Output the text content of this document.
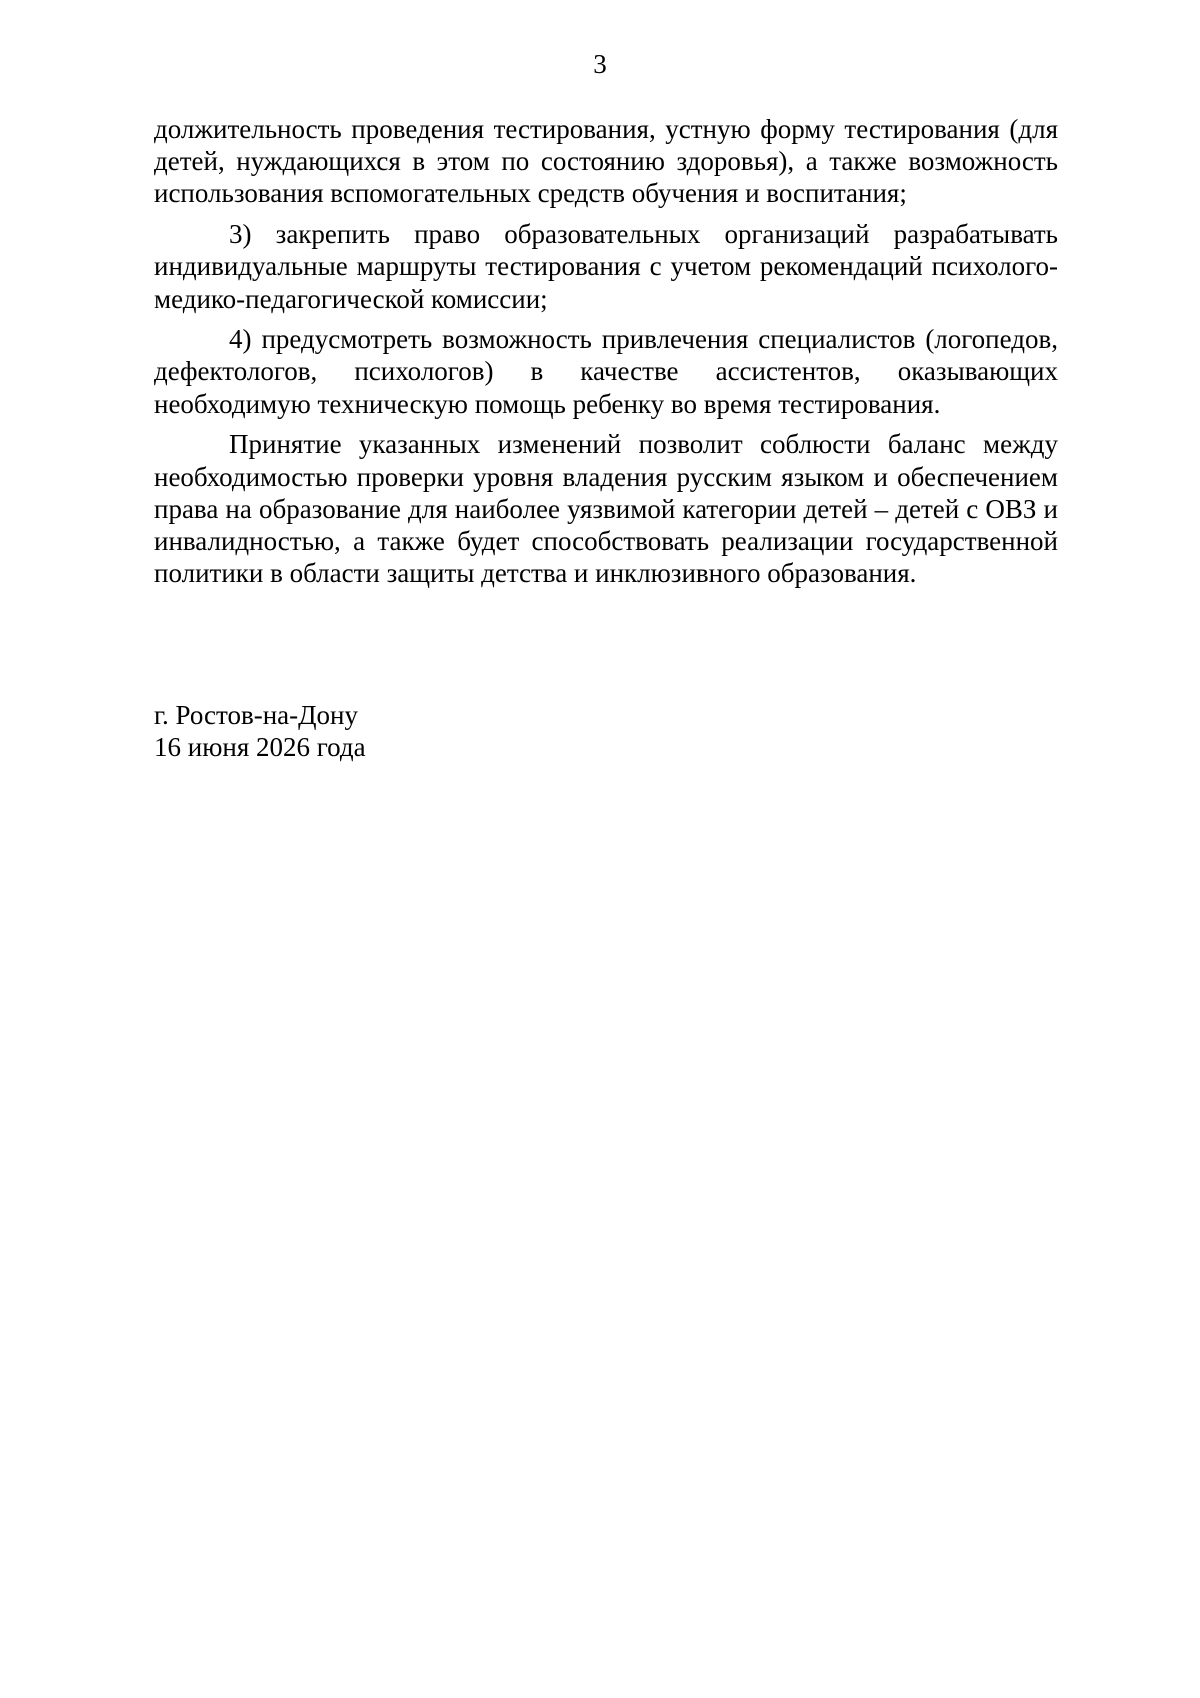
3

должительность проведения тестирования, устную форму тестирования (для детей, нуждающихся в этом по состоянию здоровья), а также возможность использования вспомогательных средств обучения и воспитания;

3) закрепить право образовательных организаций разрабатывать индивидуальные маршруты тестирования с учетом рекомендаций психолого-медико-педагогической комиссии;

4) предусмотреть возможность привлечения специалистов (логопедов, дефектологов, психологов) в качестве ассистентов, оказывающих необходимую техническую помощь ребенку во время тестирования.

Принятие указанных изменений позволит соблюсти баланс между необходимостью проверки уровня владения русским языком и обеспечением права на образование для наиболее уязвимой категории детей – детей с ОВЗ и инвалидностью, а также будет способствовать реализации государственной политики в области защиты детства и инклюзивного образования.

г. Ростов-на-Дону
16 июня 2026 года
